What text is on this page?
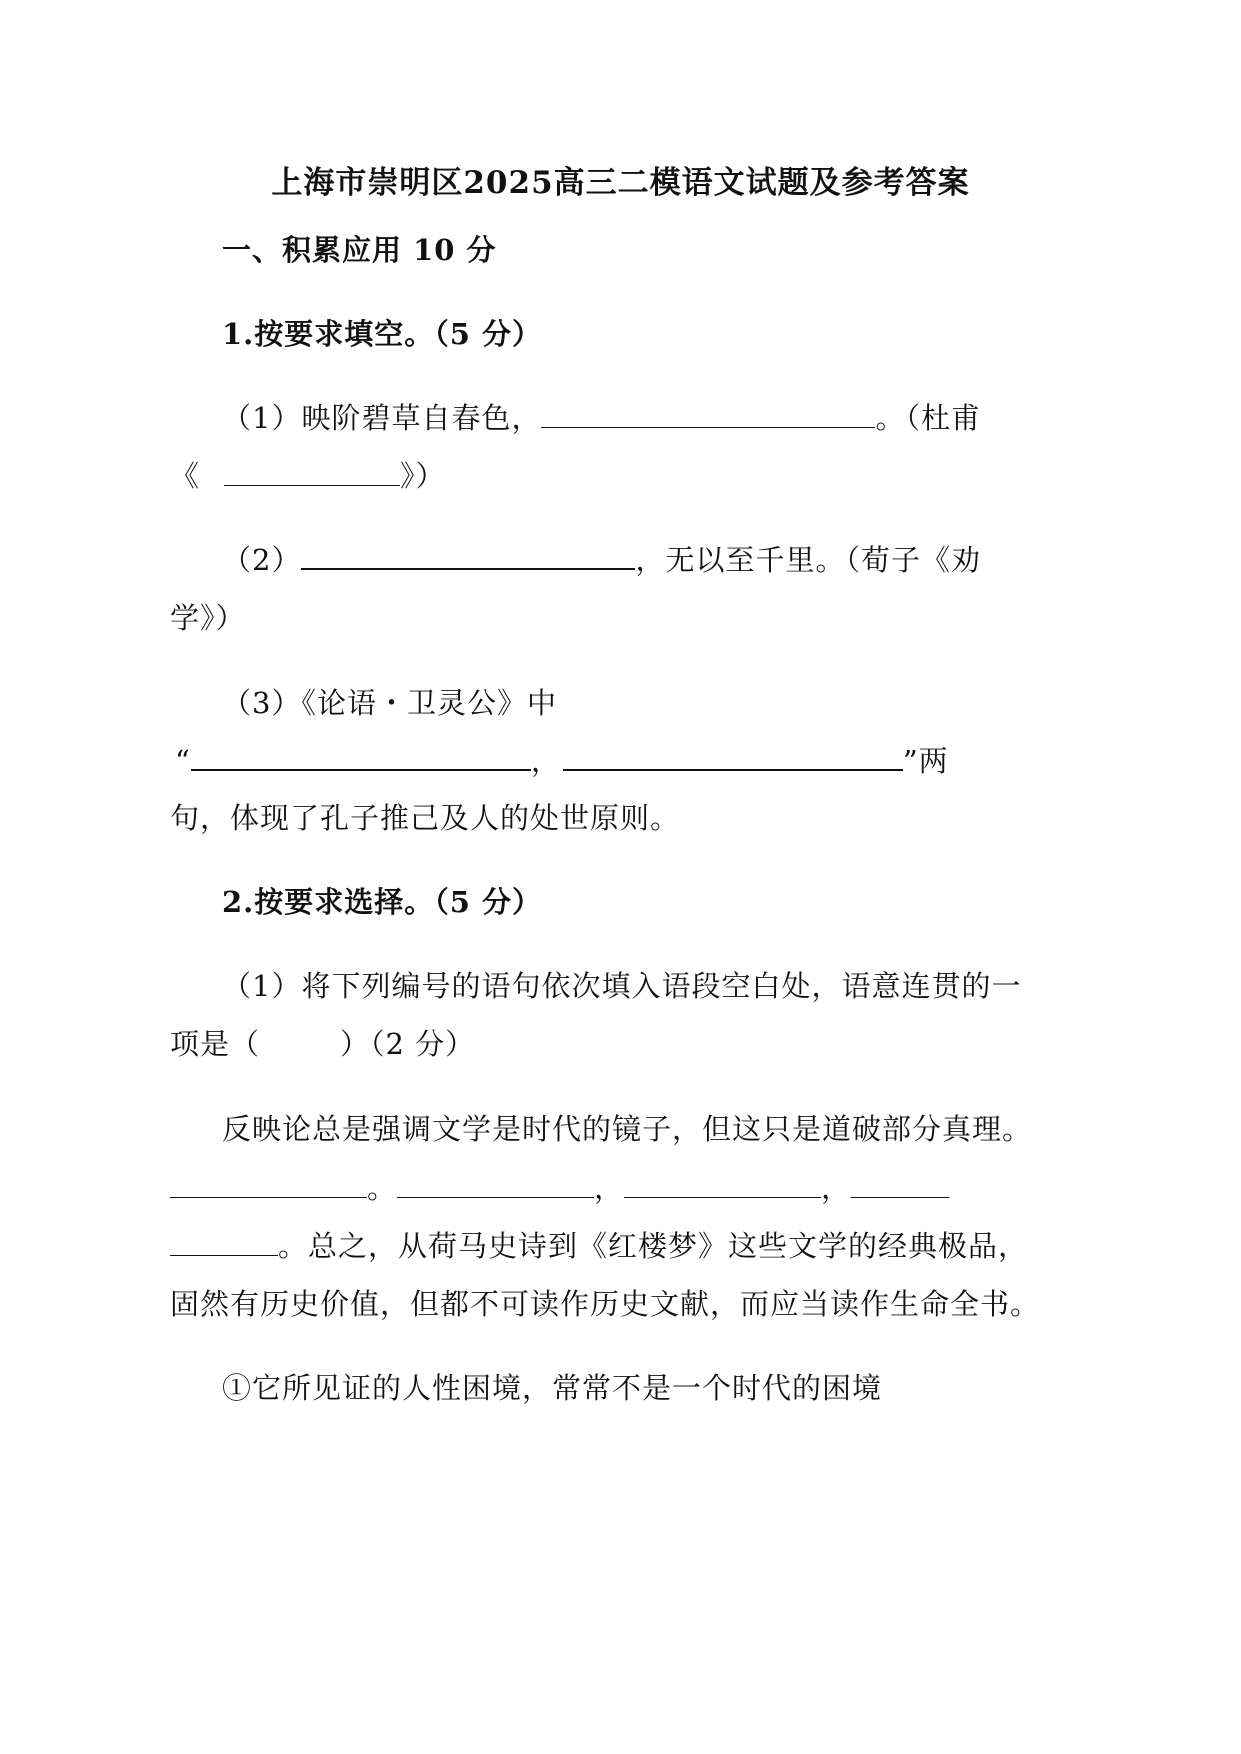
上海市崇明区2025高三二模语文试题及参考答案
一、积累应用 10 分
1.按要求填空。（5 分）
（1）映阶碧草自春色，	。（杜甫
《	》）
（2）	，无以至千里。（荀子《劝
学》）
（3）《论语・卫灵公》中
“	，	”两
句，体现了孔子推己及人的处世原则。
2.按要求选择。（5 分）
（1）将下列编号的语句依次填入语段空白处，语意连贯的一
项是（	）（2 分）
反映论总是强调文学是时代的镜子，但这只是道破部分真理。
。	，	，
。总之，从荷马史诗到《红楼梦》这些文学的经典极品，
固然有历史价值，但都不可读作历史文献，而应当读作生命全书。
①它所见证的人性困境，常常不是一个时代的困境
